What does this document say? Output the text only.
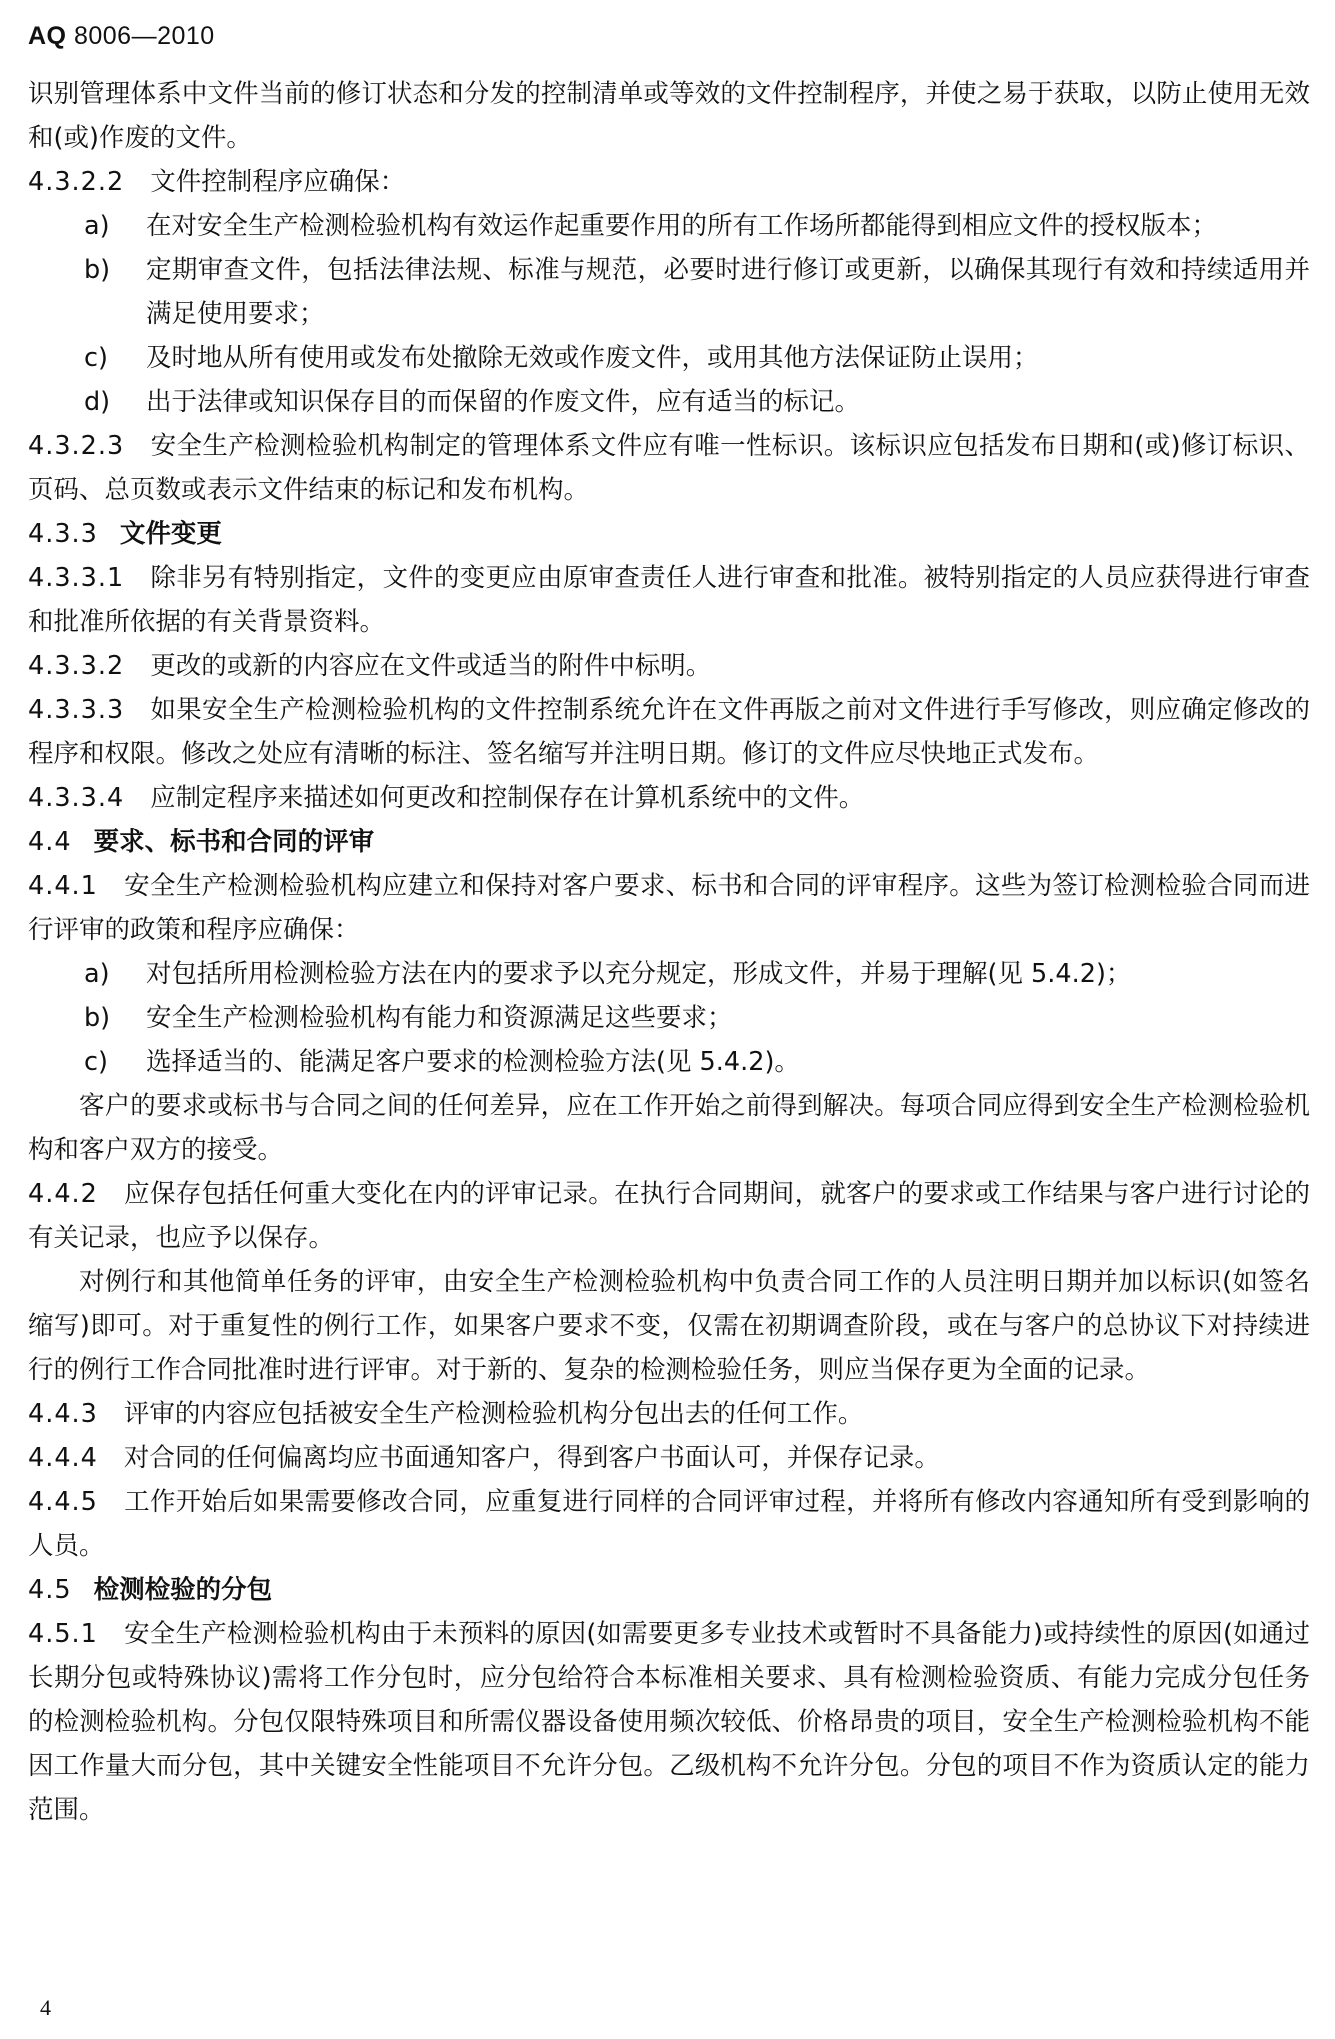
AQ 8006—2010
识别管理体系中文件当前的修订状态和分发的控制清单或等效的文件控制程序，并使之易于获取，以防止使用无效和(或)作废的文件。
4.3.2.2 文件控制程序应确保：
a) 在对安全生产检测检验机构有效运作起重要作用的所有工作场所都能得到相应文件的授权版本；
b) 定期审查文件，包括法律法规、标准与规范，必要时进行修订或更新，以确保其现行有效和持续适用并满足使用要求；
c) 及时地从所有使用或发布处撤除无效或作废文件，或用其他方法保证防止误用；
d) 出于法律或知识保存目的而保留的作废文件，应有适当的标记。
4.3.2.3 安全生产检测检验机构制定的管理体系文件应有唯一性标识。该标识应包括发布日期和(或)修订标识、页码、总页数或表示文件结束的标记和发布机构。
4.3.3 文件变更
4.3.3.1 除非另有特别指定，文件的变更应由原审查责任人进行审查和批准。被特别指定的人员应获得进行审查和批准所依据的有关背景资料。
4.3.3.2 更改的或新的内容应在文件或适当的附件中标明。
4.3.3.3 如果安全生产检测检验机构的文件控制系统允许在文件再版之前对文件进行手写修改，则应确定修改的程序和权限。修改之处应有清晰的标注、签名缩写并注明日期。修订的文件应尽快地正式发布。
4.3.3.4 应制定程序来描述如何更改和控制保存在计算机系统中的文件。
4.4 要求、标书和合同的评审
4.4.1 安全生产检测检验机构应建立和保持对客户要求、标书和合同的评审程序。这些为签订检测检验合同而进行评审的政策和程序应确保：
a) 对包括所用检测检验方法在内的要求予以充分规定，形成文件，并易于理解(见 5.4.2)；
b) 安全生产检测检验机构有能力和资源满足这些要求；
c) 选择适当的、能满足客户要求的检测检验方法(见 5.4.2)。
客户的要求或标书与合同之间的任何差异，应在工作开始之前得到解决。每项合同应得到安全生产检测检验机构和客户双方的接受。
4.4.2 应保存包括任何重大变化在内的评审记录。在执行合同期间，就客户的要求或工作结果与客户进行讨论的有关记录，也应予以保存。
对例行和其他简单任务的评审，由安全生产检测检验机构中负责合同工作的人员注明日期并加以标识(如签名缩写)即可。对于重复性的例行工作，如果客户要求不变，仅需在初期调查阶段，或在与客户的总协议下对持续进行的例行工作合同批准时进行评审。对于新的、复杂的检测检验任务，则应当保存更为全面的记录。
4.4.3 评审的内容应包括被安全生产检测检验机构分包出去的任何工作。
4.4.4 对合同的任何偏离均应书面通知客户，得到客户书面认可，并保存记录。
4.4.5 工作开始后如果需要修改合同，应重复进行同样的合同评审过程，并将所有修改内容通知所有受到影响的人员。
4.5 检测检验的分包
4.5.1 安全生产检测检验机构由于未预料的原因(如需要更多专业技术或暂时不具备能力)或持续性的原因(如通过长期分包或特殊协议)需将工作分包时，应分包给符合本标准相关要求、具有检测检验资质、有能力完成分包任务的检测检验机构。分包仅限特殊项目和所需仪器设备使用频次较低、价格昂贵的项目，安全生产检测检验机构不能因工作量大而分包，其中关键安全性能项目不允许分包。乙级机构不允许分包。分包的项目不作为资质认定的能力范围。
4
